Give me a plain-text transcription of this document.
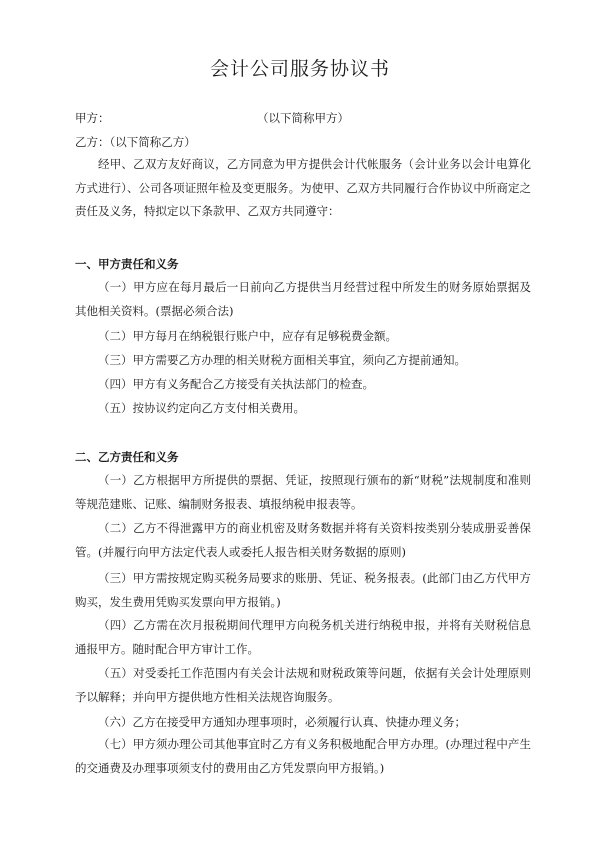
会计公司服务协议书
甲方：	（以下简称甲方）
乙方：（以下简称乙方）
经甲、乙双方友好商议，乙方同意为甲方提供会计代帐服务（会计业务以会计电算化方式进行）、公司各项证照年检及变更服务。为使甲、乙双方共同履行合作协议中所商定之责任及义务，特拟定以下条款甲、乙双方共同遵守：
一、甲方责任和义务
（一）甲方应在每月最后一日前向乙方提供当月经营过程中所发生的财务原始票据及其他相关资料。(票据必须合法)
（二）甲方每月在纳税银行账户中，应存有足够税费金额。
（三）甲方需要乙方办理的相关财税方面相关事宜，须向乙方提前通知。
（四）甲方有义务配合乙方接受有关执法部门的检查。
（五）按协议约定向乙方支付相关费用。
二、乙方责任和义务
（一）乙方根据甲方所提供的票据、凭证，按照现行颁布的新“财税”法规制度和准则等规范建账、记账、编制财务报表、填报纳税申报表等。
（二）乙方不得泄露甲方的商业机密及财务数据并将有关资料按类别分装成册妥善保管。(并履行向甲方法定代表人或委托人报告相关财务数据的原则)
（三）甲方需按规定购买税务局要求的账册、凭证、税务报表。(此部门由乙方代甲方购买，发生费用凭购买发票向甲方报销。)
（四）乙方需在次月报税期间代理甲方向税务机关进行纳税申报，并将有关财税信息通报甲方。随时配合甲方审计工作。
（五）对受委托工作范围内有关会计法规和财税政策等问题，依据有关会计处理原则予以解释；并向甲方提供地方性相关法规咨询服务。
（六）乙方在接受甲方通知办理事项时，必须履行认真、快捷办理义务；
（七）甲方须办理公司其他事宜时乙方有义务积极地配合甲方办理。(办理过程中产生的交通费及办理事项须支付的费用由乙方凭发票向甲方报销。)
